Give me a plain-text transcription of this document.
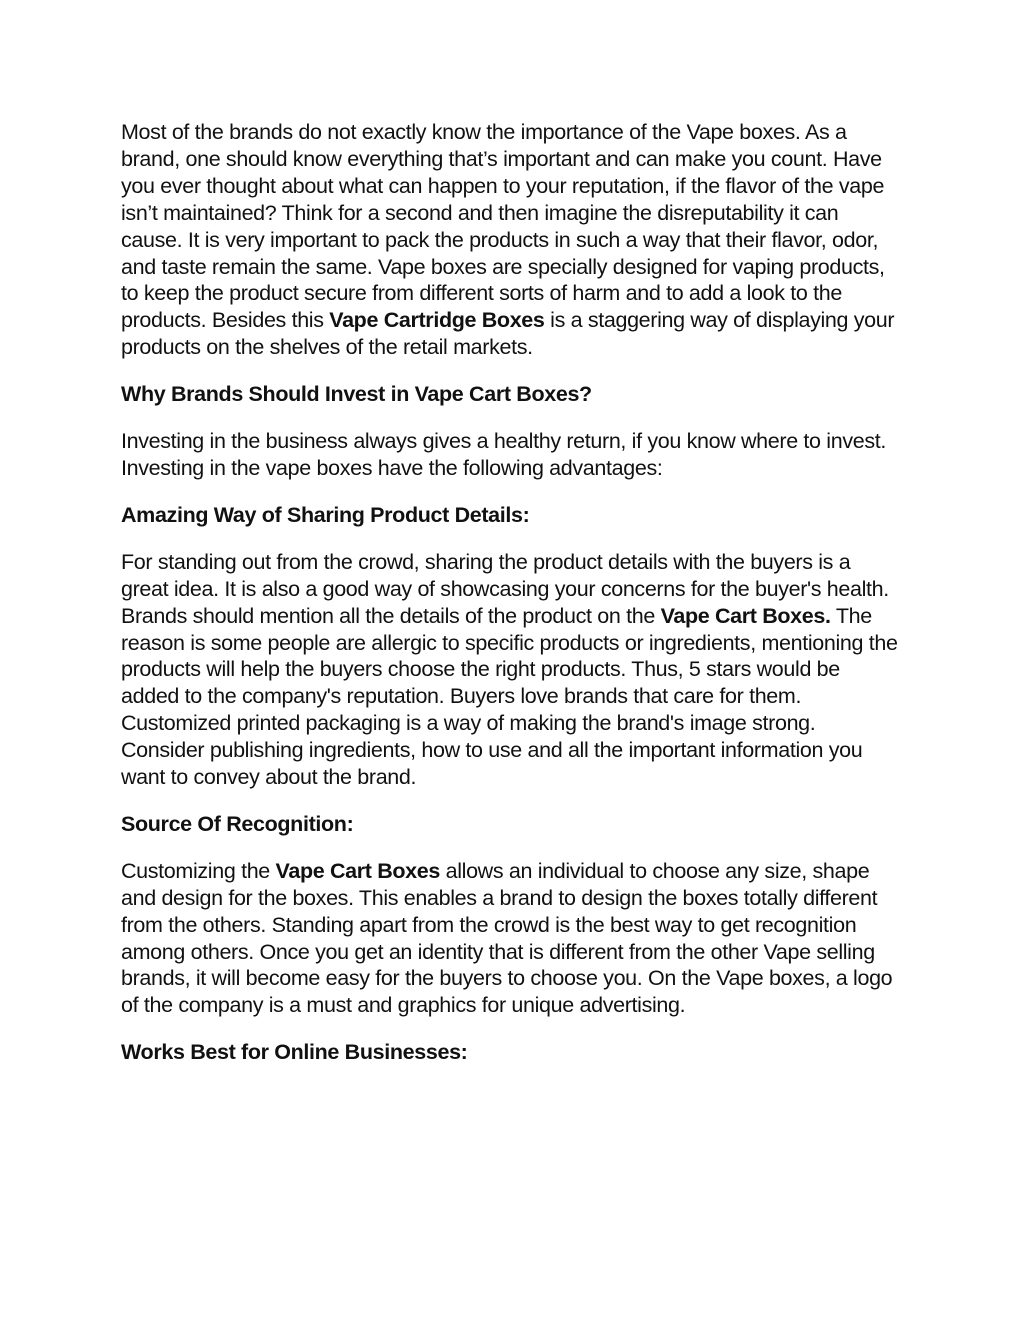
Most of the brands do not exactly know the importance of the Vape boxes. As a brand, one should know everything that’s important and can make you count. Have you ever thought about what can happen to your reputation, if the flavor of the vape isn’t maintained? Think for a second and then imagine the disreputability it can cause. It is very important to pack the products in such a way that their flavor, odor, and taste remain the same. Vape boxes are specially designed for vaping products, to keep the product secure from different sorts of harm and to add a look to the products. Besides this Vape Cartridge Boxes is a staggering way of displaying your products on the shelves of the retail markets.

Why Brands Should Invest in Vape Cart Boxes?

Investing in the business always gives a healthy return, if you know where to invest. Investing in the vape boxes have the following advantages:

Amazing Way of Sharing Product Details:

For standing out from the crowd, sharing the product details with the buyers is a great idea. It is also a good way of showcasing your concerns for the buyer's health. Brands should mention all the details of the product on the Vape Cart Boxes. The reason is some people are allergic to specific products or ingredients, mentioning the products will help the buyers choose the right products. Thus, 5 stars would be added to the company's reputation. Buyers love brands that care for them. Customized printed packaging is a way of making the brand's image strong. Consider publishing ingredients, how to use and all the important information you want to convey about the brand.

Source Of Recognition:

Customizing the Vape Cart Boxes allows an individual to choose any size, shape and design for the boxes. This enables a brand to design the boxes totally different from the others. Standing apart from the crowd is the best way to get recognition among others. Once you get an identity that is different from the other Vape selling brands, it will become easy for the buyers to choose you. On the Vape boxes, a logo of the company is a must and graphics for unique advertising.

Works Best for Online Businesses:
